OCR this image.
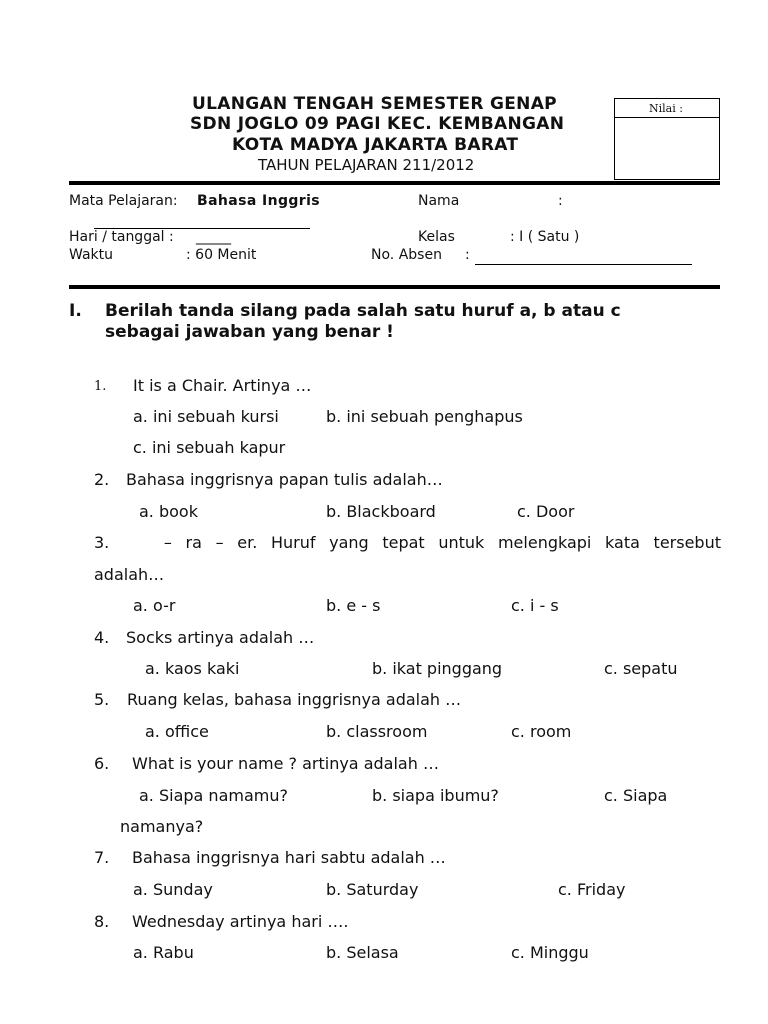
ULANGAN TENGAH SEMESTER GENAP
SDN JOGLO 09 PAGI KEC. KEMBANGAN
KOTA MADYA JAKARTA BARAT
TAHUN PELAJARAN 211/2012
Nilai :
Mata Pelajaran: Bahasa Inggris	Nama	:
Hari / tanggal : _____	Kelas	: I ( Satu )
Waktu	: 60 Menit	No. Absen :
I. Berilah tanda silang pada salah satu huruf a, b atau c
sebagai jawaban yang benar !
1. It is a Chair. Artinya …
a. ini sebuah kursi	b. ini sebuah penghapus
c. ini sebuah kapur
2. Bahasa inggrisnya papan tulis adalah…
a. book	b. Blackboard	c. Door
3.	– ra – er. Huruf yang tepat untuk melengkapi kata tersebut
adalah…
a. o-r	b. e - s	c. i - s
4. Socks artinya adalah …
a. kaos kaki	b. ikat pinggang	c. sepatu
5. Ruang kelas, bahasa inggrisnya adalah …
a. office	b. classroom	c. room
6. What is your name ? artinya adalah …
a. Siapa namamu?	b. siapa ibumu?	c. Siapa
namanya?
7. Bahasa inggrisnya hari sabtu adalah …
a. Sunday	b. Saturday	c. Friday
8. Wednesday artinya hari ….
a. Rabu	b. Selasa	c. Minggu
